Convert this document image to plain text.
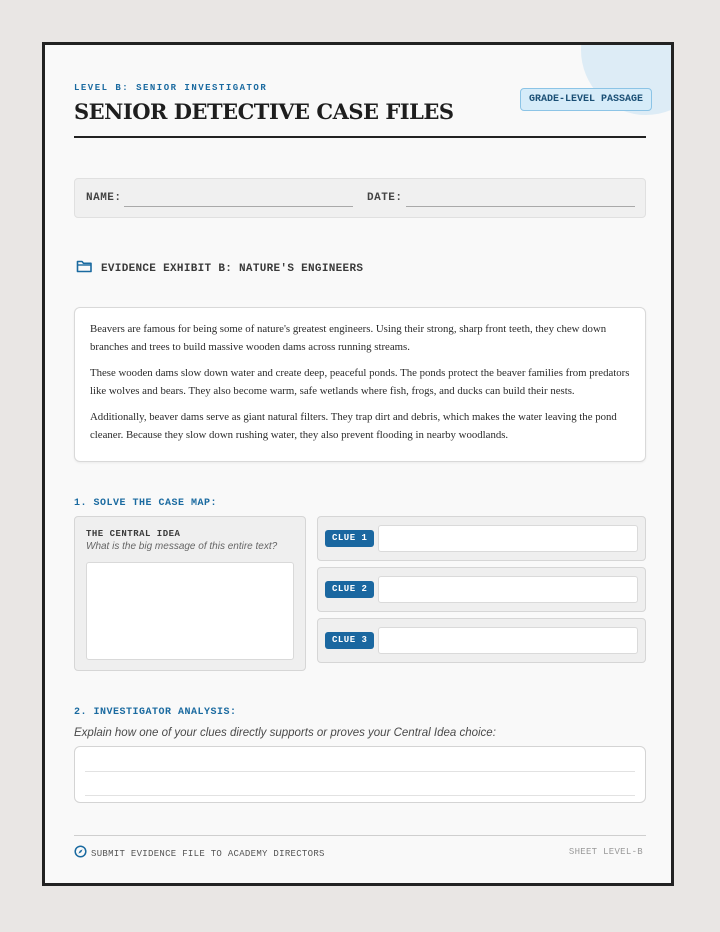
LEVEL B: SENIOR INVESTIGATOR
SENIOR DETECTIVE CASE FILES	GRADE-LEVEL PASSAGE
NAME:	DATE:
EVIDENCE EXHIBIT B: NATURE'S ENGINEERS

Beavers are famous for being some of nature's greatest engineers. Using their strong, sharp front teeth, they chew down branches and trees to build massive wooden dams across running streams.

These wooden dams slow down water and create deep, peaceful ponds. The ponds protect the beaver families from predators like wolves and bears. They also become warm, safe wetlands where fish, frogs, and ducks can build their nests.

Additionally, beaver dams serve as giant natural filters. They trap dirt and debris, which makes the water leaving the pond cleaner. Because they slow down rushing water, they also prevent flooding in nearby woodlands.

1. SOLVE THE CASE MAP:
THE CENTRAL IDEA
What is the big message of this entire text?
CLUE 1
CLUE 2
CLUE 3
2. INVESTIGATOR ANALYSIS:
Explain how one of your clues directly supports or proves your Central Idea choice:
SUBMIT EVIDENCE FILE TO ACADEMY DIRECTORS	SHEET LEVEL-B
